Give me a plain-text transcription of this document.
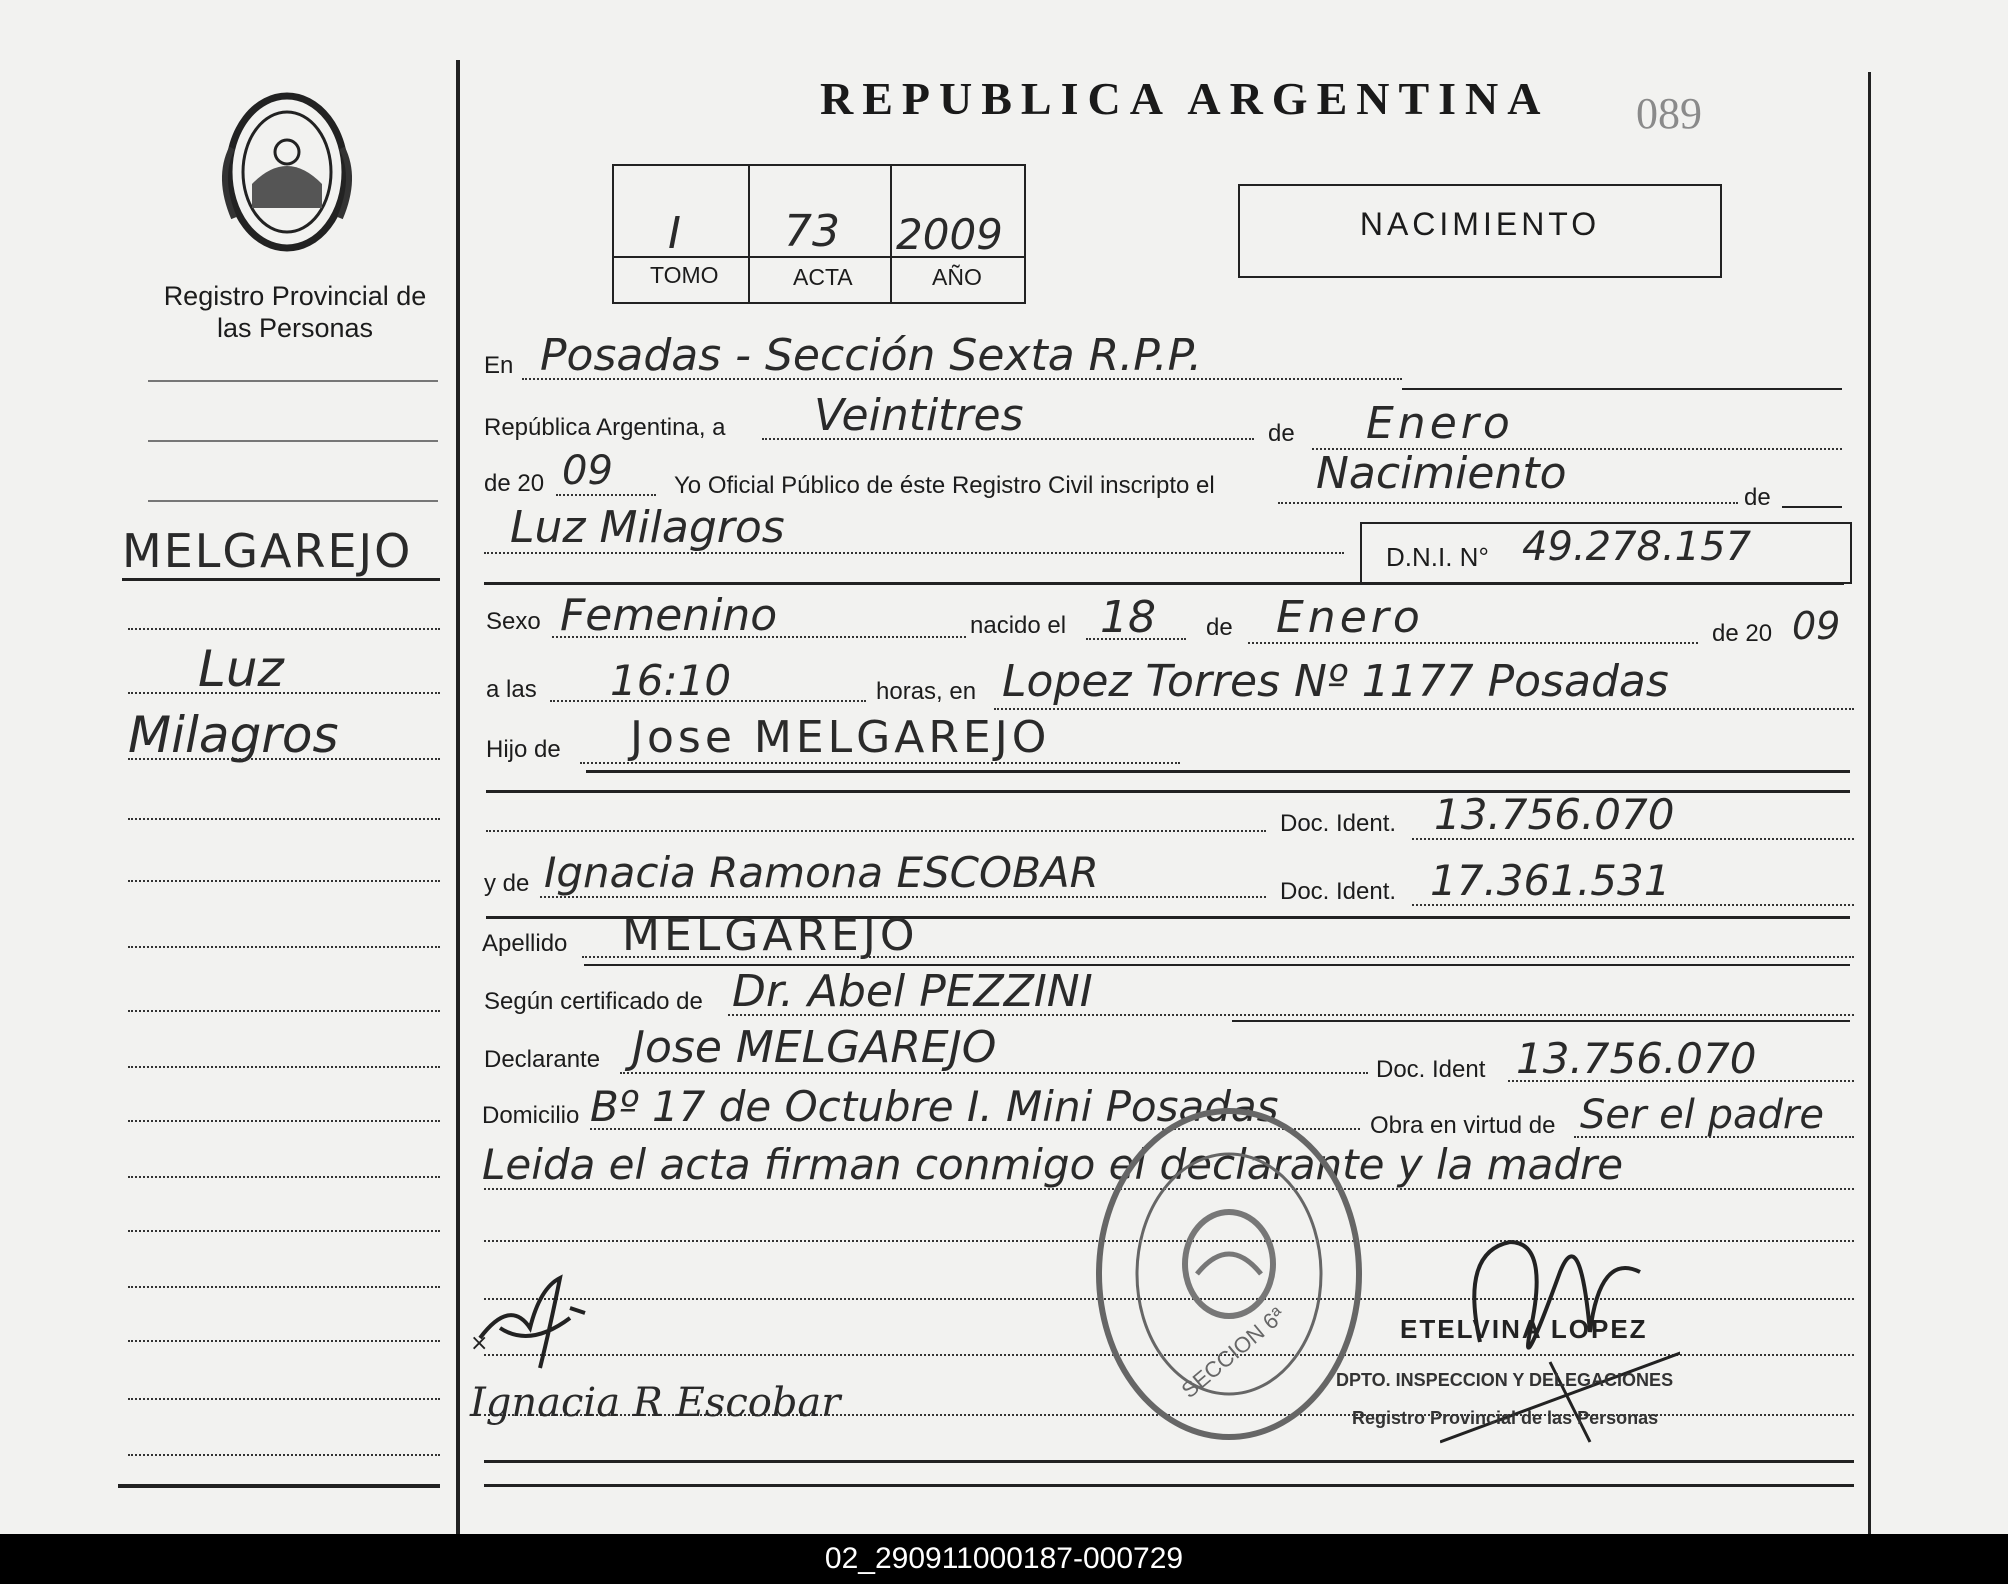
Registro Provincial de las Personas
MELGAREJO
Luz
Milagros
REPUBLICA ARGENTINA 089
I 73 2009
TOMO	ACTA	AÑO
NACIMIENTO
En Posadas - Sección Sexta R.P.P.
República Argentina, a Veintitres	de Enero
de 20 09	Yo Oficial Público de éste Registro Civil inscripto el Nacimiento	de
Luz Milagros
D.N.I. N° 49.278.157
Sexo Femenino	nacido el 18 de Enero	de 20 09
a las 16:10	horas, en Lopez Torres Nº 1177 Posadas
Hijo de Jose MELGAREJO
Doc. Ident. 13.756.070
y de Ignacia Ramona ESCOBAR	Doc. Ident. 17.361.531
Apellido MELGAREJO
Según certificado de Dr. Abel PEZZINI
Declarante Jose MELGAREJO	Doc. Ident 13.756.070
Domicilio Bº 17 de Octubre I. Mini Posadas	Obra en virtud de Ser el padre
Leida el acta firman conmigo el declarante y la madre
×
Ignacia R Escobar
SECCION 6ª	ETELVINA LOPEZ
DPTO. INSPECCION Y DELEGACIONES
Registro Provincial de las Personas
02_290911000187-000729
